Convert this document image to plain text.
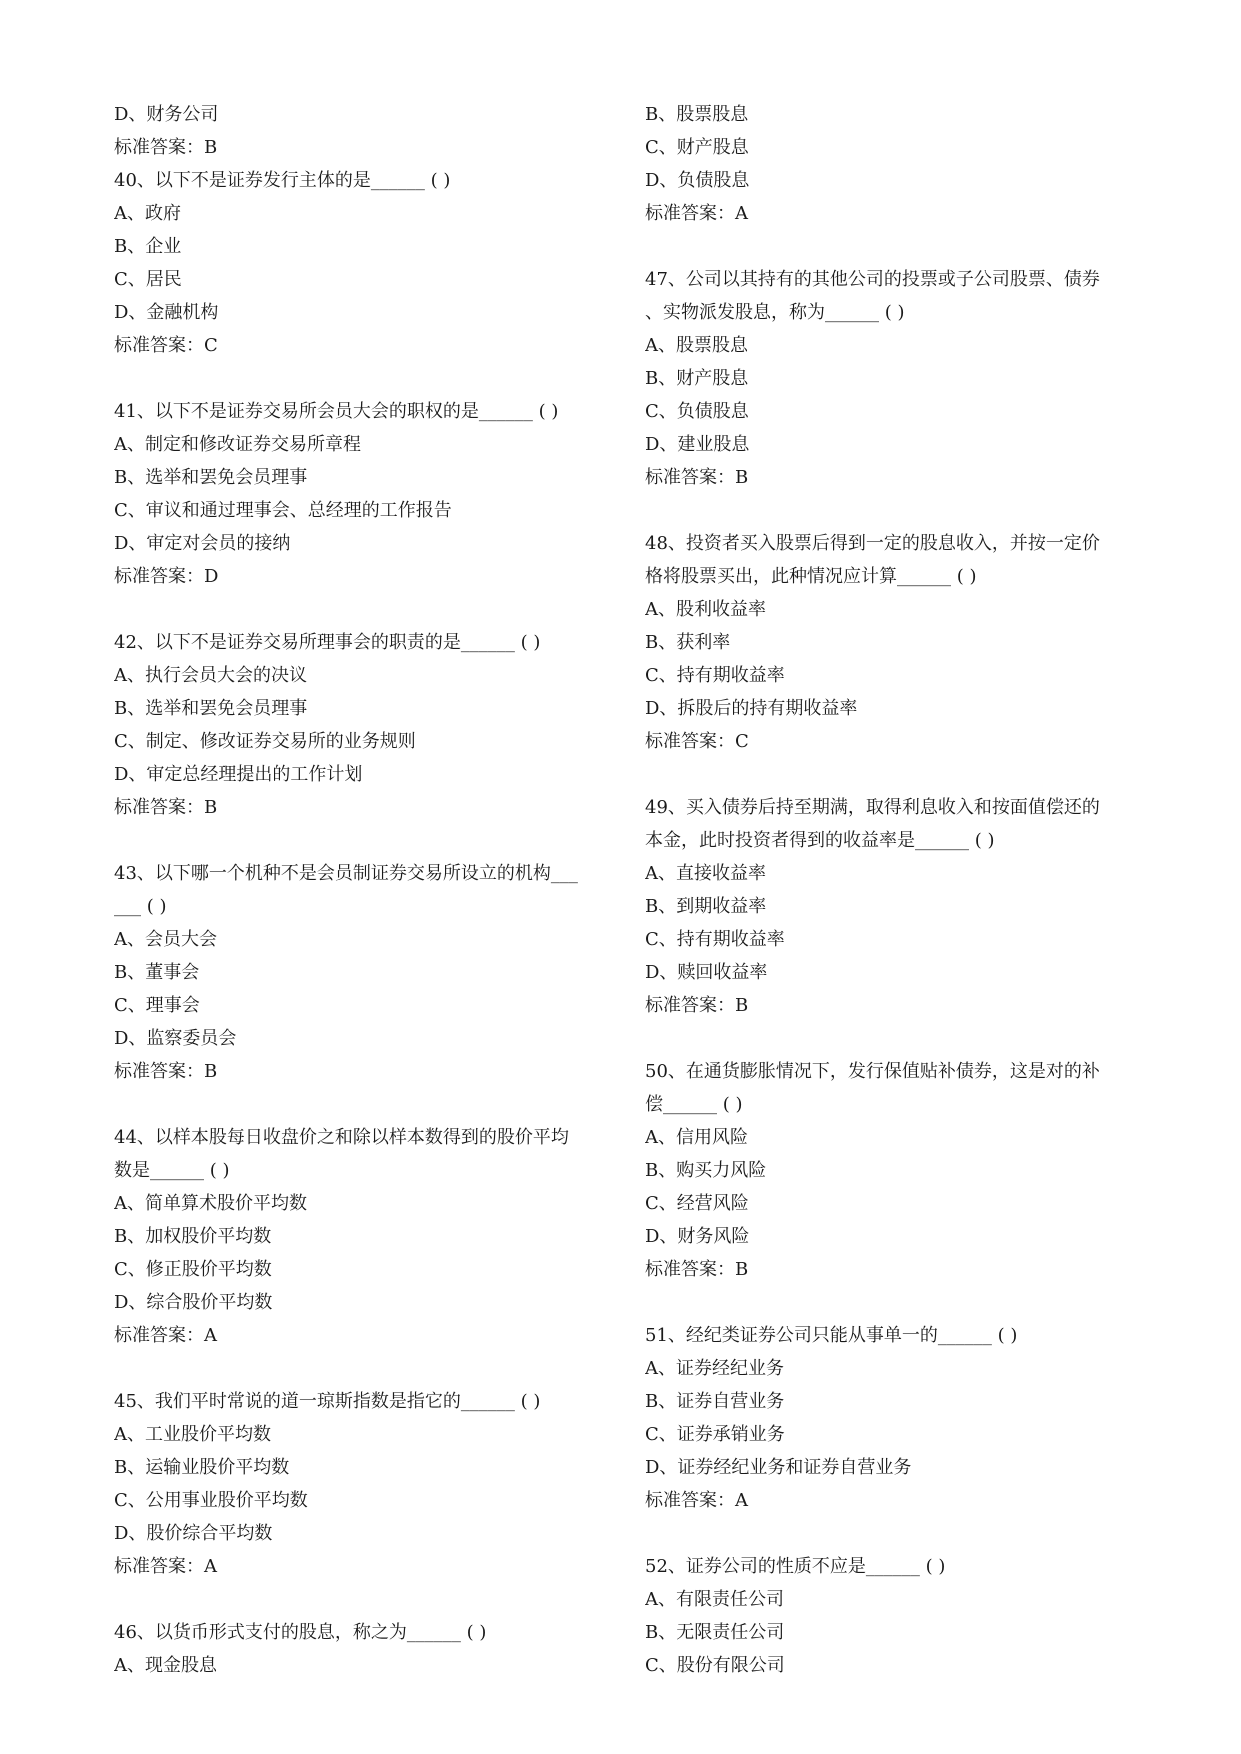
D、财务公司
标准答案：B
40、以下不是证券发行主体的是______ ( )
A、政府
B、企业
C、居民
D、金融机构
标准答案：C
41、以下不是证券交易所会员大会的职权的是______ ( )
A、制定和修改证券交易所章程
B、选举和罢免会员理事
C、审议和通过理事会、总经理的工作报告
D、审定对会员的接纳
标准答案：D
42、以下不是证券交易所理事会的职责的是______ ( )
A、执行会员大会的决议
B、选举和罢免会员理事
C、制定、修改证券交易所的业务规则
D、审定总经理提出的工作计划
标准答案：B
43、以下哪一个机种不是会员制证券交易所设立的机构___
___ ( )
A、会员大会
B、董事会
C、理事会
D、监察委员会
标准答案：B
44、以样本股每日收盘价之和除以样本数得到的股价平均
数是______ ( )
A、简单算术股价平均数
B、加权股价平均数
C、修正股价平均数
D、综合股价平均数
标准答案：A
45、我们平时常说的道一琼斯指数是指它的______ ( )
A、工业股价平均数
B、运输业股价平均数
C、公用事业股价平均数
D、股价综合平均数
标准答案：A
46、以货币形式支付的股息，称之为______ ( )
A、现金股息
B、股票股息
C、财产股息
D、负债股息
标准答案：A
47、公司以其持有的其他公司的投票或子公司股票、债券
、实物派发股息，称为______ ( )
A、股票股息
B、财产股息
C、负债股息
D、建业股息
标准答案：B
48、投资者买入股票后得到一定的股息收入，并按一定价
格将股票买出，此种情况应计算______ ( )
A、股利收益率
B、获利率
C、持有期收益率
D、拆股后的持有期收益率
标准答案：C
49、买入债券后持至期满，取得利息收入和按面值偿还的
本金，此时投资者得到的收益率是______ ( )
A、直接收益率
B、到期收益率
C、持有期收益率
D、赎回收益率
标准答案：B
50、在通货膨胀情况下，发行保值贴补债券，这是对的补
偿______ ( )
A、信用风险
B、购买力风险
C、经营风险
D、财务风险
标准答案：B
51、经纪类证券公司只能从事单一的______ ( )
A、证券经纪业务
B、证券自营业务
C、证券承销业务
D、证券经纪业务和证券自营业务
标准答案：A
52、证券公司的性质不应是______ ( )
A、有限责任公司
B、无限责任公司
C、股份有限公司
